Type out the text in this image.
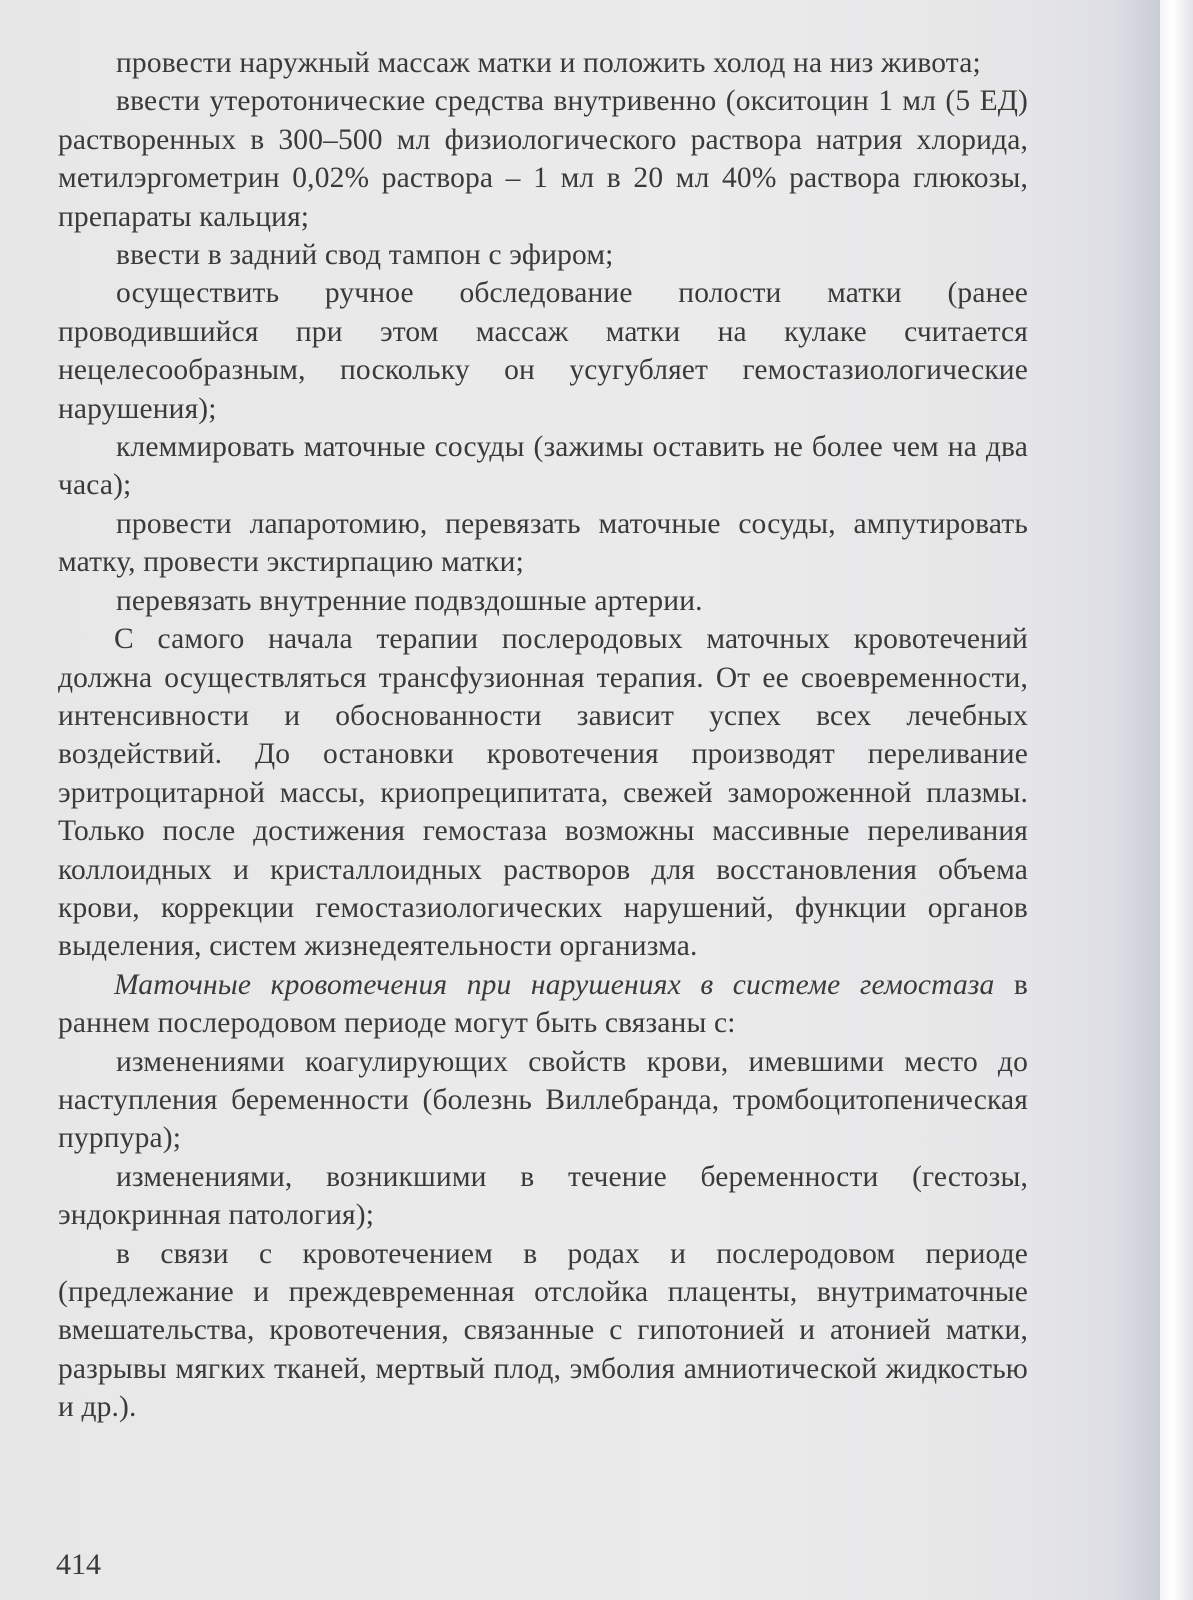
провести наружный массаж матки и положить холод на низ живота;

ввести утеротонические средства внутривенно (окситоцин 1 мл (5 ЕД) растворенных в 300–500 мл физиологического раствора натрия хлорида, метилэргометрин 0,02% раствора – 1 мл в 20 мл 40% раствора глюкозы, препараты кальция;

ввести в задний свод тампон с эфиром;

осуществить ручное обследование полости матки (ранее проводившийся при этом массаж матки на кулаке считается нецелесообразным, поскольку он усугубляет гемостазиологические нарушения);

клеммировать маточные сосуды (зажимы оставить не более чем на два часа);

провести лапаротомию, перевязать маточные сосуды, ампутировать матку, провести экстирпацию матки;

перевязать внутренние подвздошные артерии.

С самого начала терапии послеродовых маточных кровотечений должна осуществляться трансфузионная терапия. От ее своевременности, интенсивности и обоснованности зависит успех всех лечебных воздействий. До остановки кровотечения производят переливание эритроцитарной массы, криопреципитата, свежей замороженной плазмы. Только после достижения гемостаза возможны массивные переливания коллоидных и кристаллоидных растворов для восстановления объема крови, коррекции гемостазиологических нарушений, функции органов выделения, систем жизнедеятельности организма.

Маточные кровотечения при нарушениях в системе гемостаза в раннем послеродовом периоде могут быть связаны с:

изменениями коагулирующих свойств крови, имевшими место до наступления беременности (болезнь Виллебранда, тромбоцитопеническая пурпура);

изменениями, возникшими в течение беременности (гестозы, эндокринная патология);

в связи с кровотечением в родах и послеродовом периоде (предлежание и преждевременная отслойка плаценты, внутриматочные вмешательства, кровотечения, связанные с гипотонией и атонией матки, разрывы мягких тканей, мертвый плод, эмболия амниотической жидкостью и др.).

414
